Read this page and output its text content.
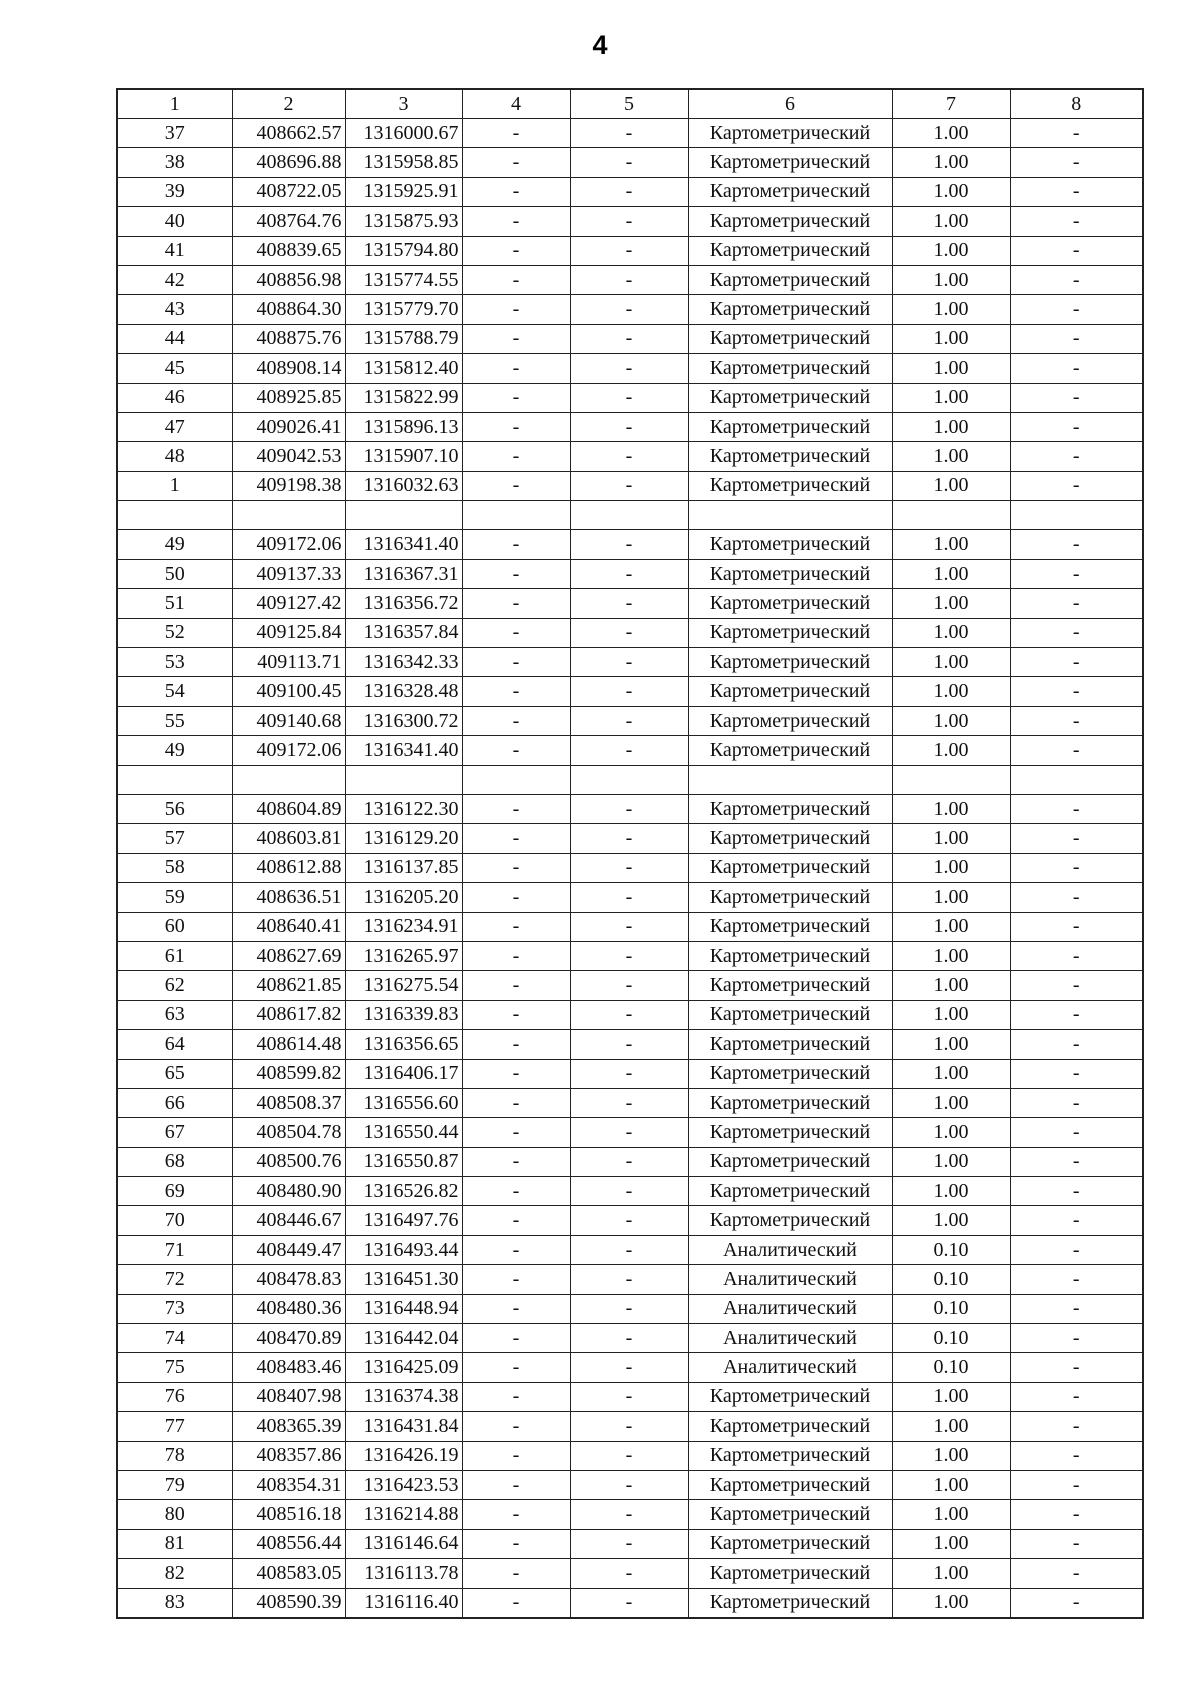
4
1	2	3	4	5	6	7	8
37	408662.57	1316000.67	-	-	Картометрический	1.00	-
38	408696.88	1315958.85	-	-	Картометрический	1.00	-
39	408722.05	1315925.91	-	-	Картометрический	1.00	-
40	408764.76	1315875.93	-	-	Картометрический	1.00	-
41	408839.65	1315794.80	-	-	Картометрический	1.00	-
42	408856.98	1315774.55	-	-	Картометрический	1.00	-
43	408864.30	1315779.70	-	-	Картометрический	1.00	-
44	408875.76	1315788.79	-	-	Картометрический	1.00	-
45	408908.14	1315812.40	-	-	Картометрический	1.00	-
46	408925.85	1315822.99	-	-	Картометрический	1.00	-
47	409026.41	1315896.13	-	-	Картометрический	1.00	-
48	409042.53	1315907.10	-	-	Картометрический	1.00	-
1	409198.38	1316032.63	-	-	Картометрический	1.00	-

49	409172.06	1316341.40	-	-	Картометрический	1.00	-
50	409137.33	1316367.31	-	-	Картометрический	1.00	-
51	409127.42	1316356.72	-	-	Картометрический	1.00	-
52	409125.84	1316357.84	-	-	Картометрический	1.00	-
53	409113.71	1316342.33	-	-	Картометрический	1.00	-
54	409100.45	1316328.48	-	-	Картометрический	1.00	-
55	409140.68	1316300.72	-	-	Картометрический	1.00	-
49	409172.06	1316341.40	-	-	Картометрический	1.00	-

56	408604.89	1316122.30	-	-	Картометрический	1.00	-
57	408603.81	1316129.20	-	-	Картометрический	1.00	-
58	408612.88	1316137.85	-	-	Картометрический	1.00	-
59	408636.51	1316205.20	-	-	Картометрический	1.00	-
60	408640.41	1316234.91	-	-	Картометрический	1.00	-
61	408627.69	1316265.97	-	-	Картометрический	1.00	-
62	408621.85	1316275.54	-	-	Картометрический	1.00	-
63	408617.82	1316339.83	-	-	Картометрический	1.00	-
64	408614.48	1316356.65	-	-	Картометрический	1.00	-
65	408599.82	1316406.17	-	-	Картометрический	1.00	-
66	408508.37	1316556.60	-	-	Картометрический	1.00	-
67	408504.78	1316550.44	-	-	Картометрический	1.00	-
68	408500.76	1316550.87	-	-	Картометрический	1.00	-
69	408480.90	1316526.82	-	-	Картометрический	1.00	-
70	408446.67	1316497.76	-	-	Картометрический	1.00	-
71	408449.47	1316493.44	-	-	Аналитический	0.10	-
72	408478.83	1316451.30	-	-	Аналитический	0.10	-
73	408480.36	1316448.94	-	-	Аналитический	0.10	-
74	408470.89	1316442.04	-	-	Аналитический	0.10	-
75	408483.46	1316425.09	-	-	Аналитический	0.10	-
76	408407.98	1316374.38	-	-	Картометрический	1.00	-
77	408365.39	1316431.84	-	-	Картометрический	1.00	-
78	408357.86	1316426.19	-	-	Картометрический	1.00	-
79	408354.31	1316423.53	-	-	Картометрический	1.00	-
80	408516.18	1316214.88	-	-	Картометрический	1.00	-
81	408556.44	1316146.64	-	-	Картометрический	1.00	-
82	408583.05	1316113.78	-	-	Картометрический	1.00	-
83	408590.39	1316116.40	-	-	Картометрический	1.00	-
